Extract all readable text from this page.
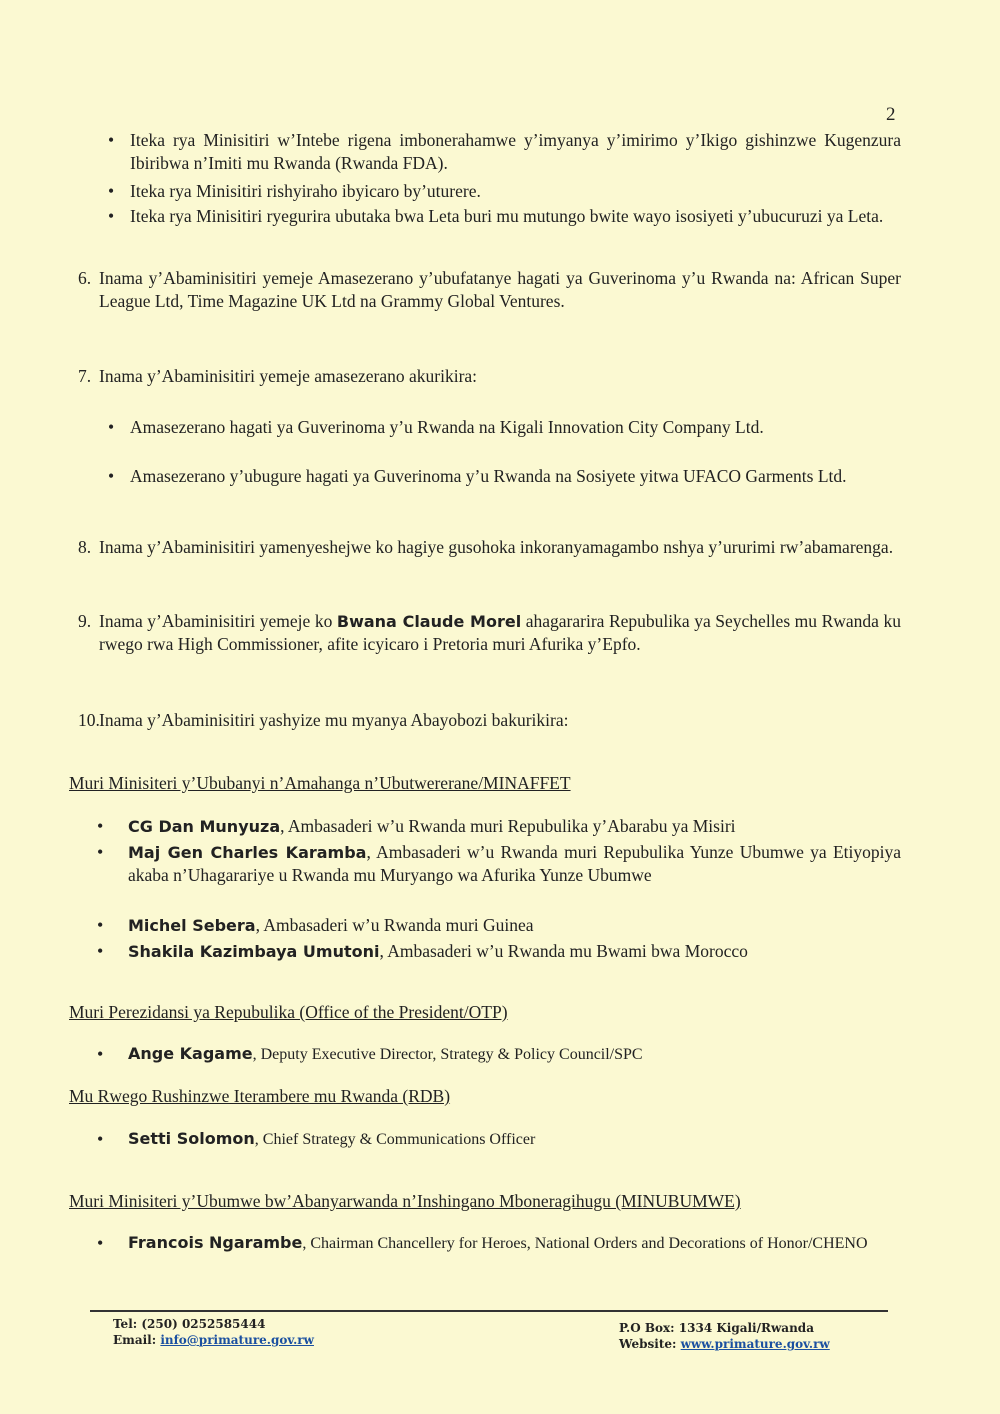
2
• Iteka rya Minisitiri w’Intebe rigena imbonerahamwe y’imyanya y’imirimo y’Ikigo gishinzwe Kugenzura Ibiribwa n’Imiti mu Rwanda (Rwanda FDA).
• Iteka rya Minisitiri rishyiraho ibyicaro by’uturere.
• Iteka rya Minisitiri ryegurira ubutaka bwa Leta buri mu mutungo bwite wayo isosiyeti y’ubucuruzi ya Leta.
6. Inama y’Abaminisitiri yemeje Amasezerano y’ubufatanye hagati ya Guverinoma y’u Rwanda na: African Super League Ltd, Time Magazine UK Ltd na Grammy Global Ventures.
7. Inama y’Abaminisitiri yemeje amasezerano akurikira:
• Amasezerano hagati ya Guverinoma y’u Rwanda na Kigali Innovation City Company Ltd.
• Amasezerano y’ubugure hagati ya Guverinoma y’u Rwanda na Sosiyete yitwa UFACO Garments Ltd.
8. Inama y’Abaminisitiri yamenyeshejwe ko hagiye gusohoka inkoranyamagambo nshya y’ururimi rw’abamarenga.
9. Inama y’Abaminisitiri yemeje ko Bwana Claude Morel ahagararira Repubulika ya Seychelles mu Rwanda ku rwego rwa High Commissioner, afite icyicaro i Pretoria muri Afurika y’Epfo.
10. Inama y’Abaminisitiri yashyize mu myanya Abayobozi bakurikira:
Muri Minisiteri y’Ububanyi n’Amahanga n’Ubutwererane/MINAFFET
• CG Dan Munyuza, Ambasaderi w’u Rwanda muri Repubulika y’Abarabu ya Misiri
• Maj Gen Charles Karamba, Ambasaderi w’u Rwanda muri Repubulika Yunze Ubumwe ya Etiyopiya akaba n’Uhagarariye u Rwanda mu Muryango wa Afurika Yunze Ubumwe
• Michel Sebera, Ambasaderi w’u Rwanda muri Guinea
• Shakila Kazimbaya Umutoni, Ambasaderi w’u Rwanda mu Bwami bwa Morocco
Muri Perezidansi ya Repubulika (Office of the President/OTP)
• Ange Kagame, Deputy Executive Director, Strategy & Policy Council/SPC
Mu Rwego Rushinzwe Iterambere mu Rwanda (RDB)
• Setti Solomon, Chief Strategy & Communications Officer
Muri Minisiteri y’Ubumwe bw’Abanyarwanda n’Inshingano Mboneragihugu (MINUBUMWE)
• Francois Ngarambe, Chairman Chancellery for Heroes, National Orders and Decorations of Honor/CHENO
Tel: (250) 0252585444
Email: info@primature.gov.rw
P.O Box: 1334 Kigali/Rwanda
Website: www.primature.gov.rw
